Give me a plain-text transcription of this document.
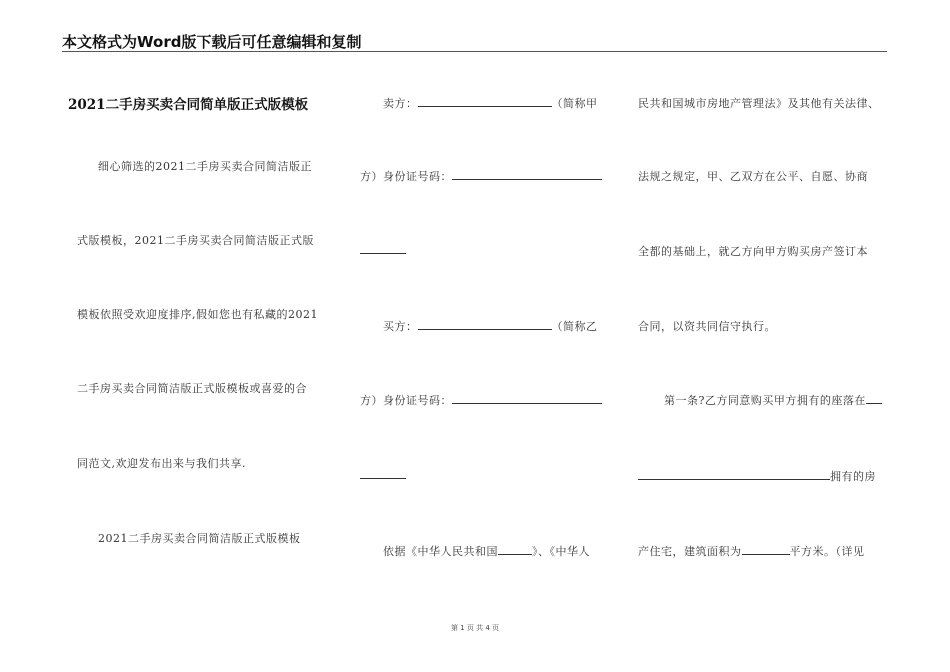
本文格式为Word版下载后可任意编辑和复制
2021二手房买卖合同简单版正式版模板
细心筛选的2021二手房买卖合同简洁版正
式版模板，2021二手房买卖合同简洁版正式版
模板依照受欢迎度排序,假如您也有私藏的2021
二手房买卖合同简洁版正式版模板或喜爱的合
同范文,欢迎发布出来与我们共享.
2021二手房买卖合同简洁版正式版模板
卖方：	（简称甲
方）身份证号码：
买方：	（简称乙
方）身份证号码：
依据《中华人民共和国	》、《中华人
民共和国城市房地产管理法》及其他有关法律、
法规之规定，甲、乙双方在公平、自愿、协商
全都的基础上，就乙方向甲方购买房产签订本
合同，以资共同信守执行。
第一条?乙方同意购买甲方拥有的座落在
拥有的房
产住宅，建筑面积为	平方米。（详见
第 1 页 共 4 页
